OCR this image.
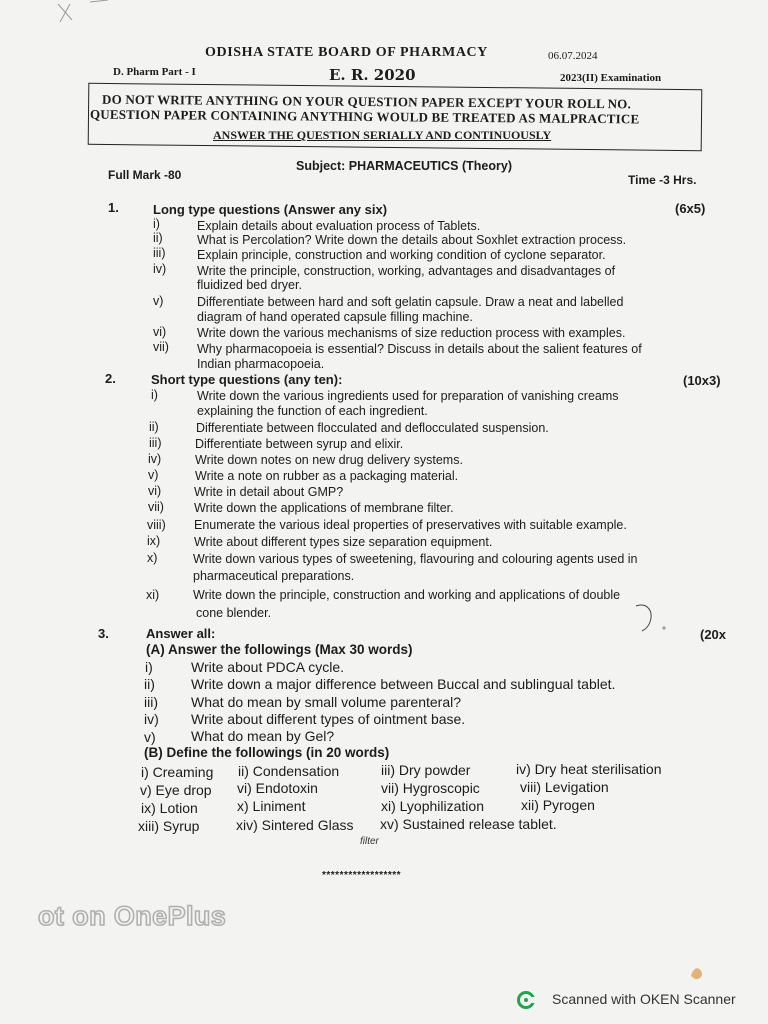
ODISHA STATE BOARD OF PHARMACY	06.07.2024
D. Pharm Part - I	E. R. 2020	2023(II) Examination
DO NOT WRITE ANYTHING ON YOUR QUESTION PAPER EXCEPT YOUR ROLL NO.
QUESTION PAPER CONTAINING ANYTHING WOULD BE TREATED AS MALPRACTICE
ANSWER THE QUESTION SERIALLY AND CONTINUOUSLY
Subject: PHARMACEUTICS (Theory)
Full Mark -80	Time -3 Hrs.
1.	Long type questions (Answer any six)	(6x5)
i)	Explain details about evaluation process of Tablets.
ii)	What is Percolation? Write down the details about Soxhlet extraction process.
iii)	Explain principle, construction and working condition of cyclone separator.
iv) Write the principle, construction, working, advantages and disadvantages of
fluidized bed dryer.
v)	Differentiate between hard and soft gelatin capsule. Draw a neat and labelled
diagram of hand operated capsule filling machine.
vi) Write down the various mechanisms of size reduction process with examples.
vii) Why pharmacopoeia is essential? Discuss in details about the salient features of
Indian pharmacopoeia.
2.	Short type questions (any ten):	(10x3)
i)	Write down the various ingredients used for preparation of vanishing creams
explaining the function of each ingredient.
ii)	Differentiate between flocculated and deflocculated suspension.
iii)	Differentiate between syrup and elixir.
iv)	Write down notes on new drug delivery systems.
v)	Write a note on rubber as a packaging material.
vi)	Write in detail about GMP?
vii) Write down the applications of membrane filter.
viii) Enumerate the various ideal properties of preservatives with suitable example.
ix)	Write about different types size separation equipment.
x)	Write down various types of sweetening, flavouring and colouring agents used in
pharmaceutical preparations.
xi)	Write down the principle, construction and working and applications of double
cone blender.
3.	Answer all:	(20x
(A) Answer the followings (Max 30 words)
i)	Write about PDCA cycle.
ii)	Write down a major difference between Buccal and sublingual tablet.
iii) What do mean by small volume parenteral?
iv) Write about different types of ointment base.
v)	What do mean by Gel?
(B) Define the followings (in 20 words)
i) Creaming ii) Condensation	iii) Dry powder	iv) Dry heat sterilisation
v) Eye drop vi) Endotoxin	vii) Hygroscopic	viii) Levigation
ix) Lotion	x) Liniment	xi) Lyophilization	xii) Pyrogen
xiii) Syrup	xiv) Sintered Glass xv) Sustained release tablet.
filter
******************
ot on OnePlus
Scanned with OKEN Scanner
